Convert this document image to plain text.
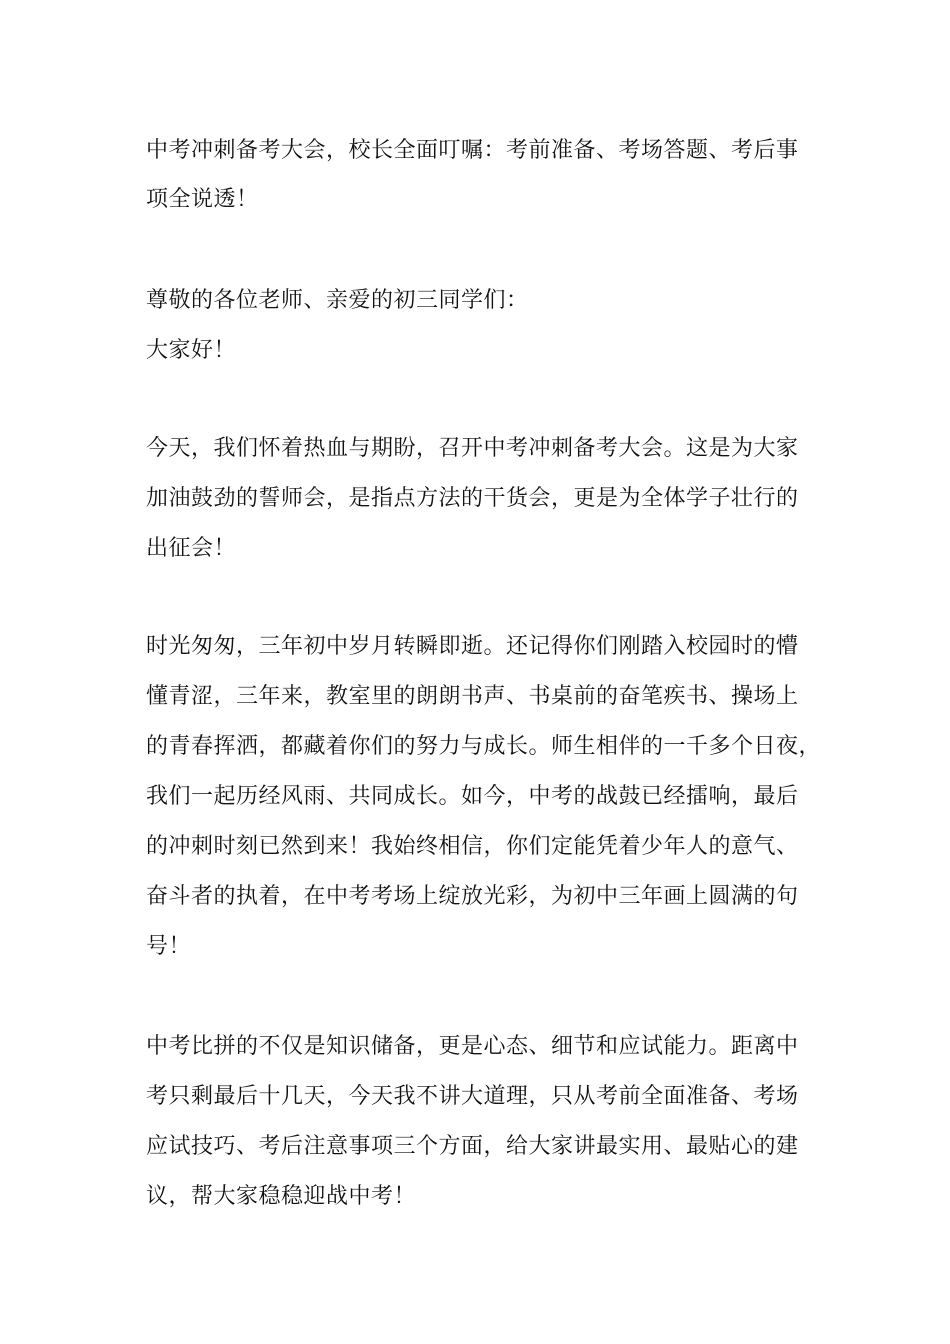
中考冲刺备考大会，校长全面叮嘱：考前准备、考场答题、考后事

项全说透！

尊敬的各位老师、亲爱的初三同学们：

大家好！

今天，我们怀着热血与期盼，召开中考冲刺备考大会。这是为大家

加油鼓劲的誓师会，是指点方法的干货会，更是为全体学子壮行的

出征会！

时光匆匆，三年初中岁月转瞬即逝。还记得你们刚踏入校园时的懵

懂青涩，三年来，教室里的朗朗书声、书桌前的奋笔疾书、操场上

的青春挥洒，都藏着你们的努力与成长。师生相伴的一千多个日夜，

我们一起历经风雨、共同成长。如今，中考的战鼓已经擂响，最后

的冲刺时刻已然到来！我始终相信，你们定能凭着少年人的意气、

奋斗者的执着，在中考考场上绽放光彩，为初中三年画上圆满的句

号！

中考比拼的不仅是知识储备，更是心态、细节和应试能力。距离中

考只剩最后十几天，今天我不讲大道理，只从考前全面准备、考场

应试技巧、考后注意事项三个方面，给大家讲最实用、最贴心的建

议，帮大家稳稳迎战中考！
